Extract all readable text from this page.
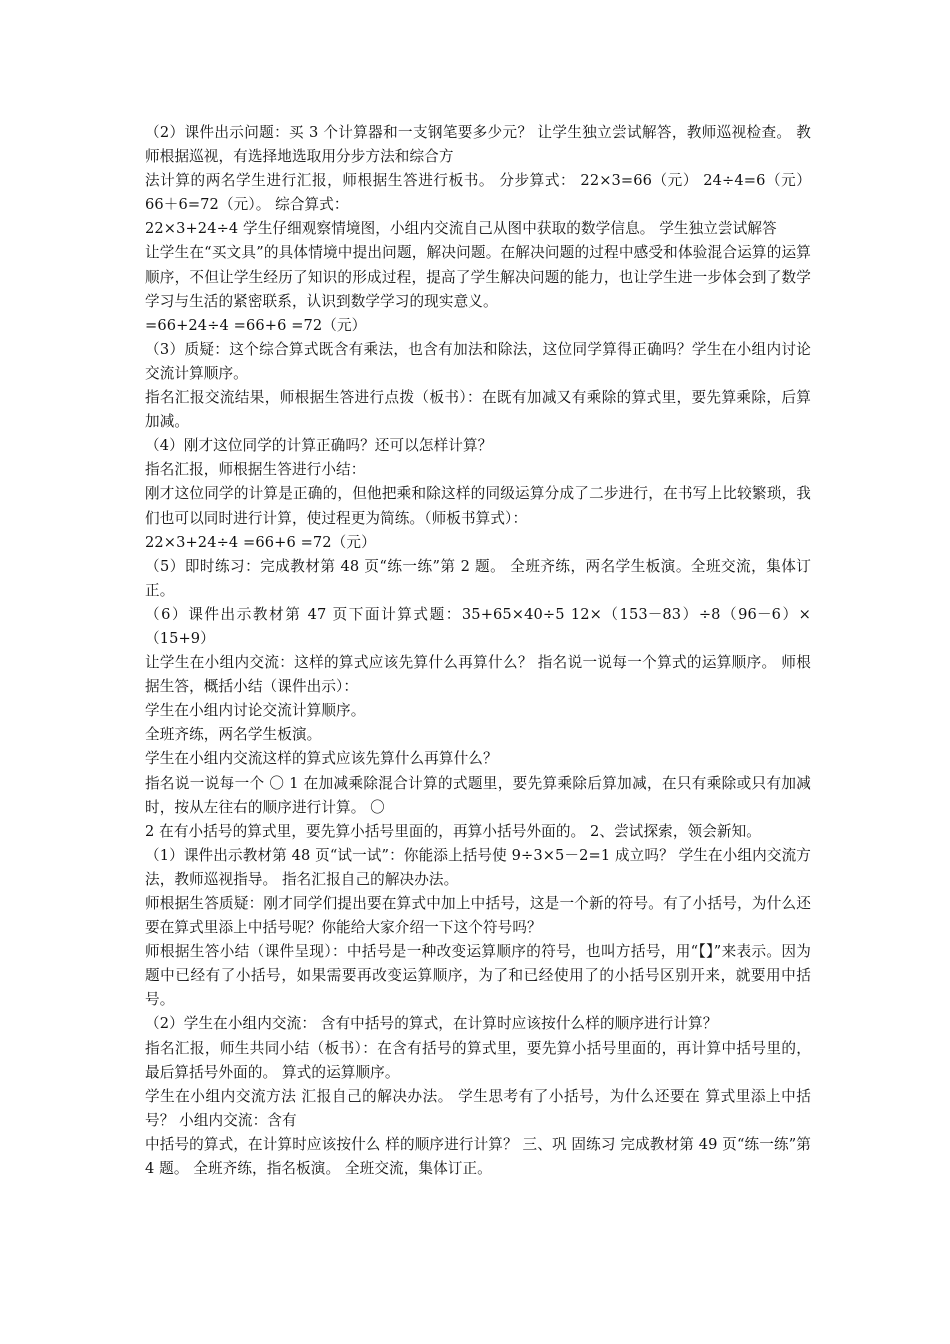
（2）课件出示问题：买 3 个计算器和一支钢笔要多少元？ 让学生独立尝试解答，教师巡视检查。 教师根据巡视，有选择地选取用分步方法和综合方

法计算的两名学生进行汇报，师根据生答进行板书。 分步算式： 22×3=66（元） 24÷4=6（元） 66＋6=72（元）。 综合算式：

22×3+24÷4 学生仔细观察情境图，小组内交流自己从图中获取的数学信息。 学生独立尝试解答

让学生在“买文具”的具体情境中提出问题，解决问题。在解决问题的过程中感受和体验混合运算的运算顺序，不但让学生经历了知识的形成过程，提高了学生解决问题的能力，也让学生进一步体会到了数学学习与生活的紧密联系，认识到数学学习的现实意义。

=66+24÷4 =66+6 =72（元）

（3）质疑：这个综合算式既含有乘法，也含有加法和除法，这位同学算得正确吗？学生在小组内讨论交流计算顺序。

指名汇报交流结果，师根据生答进行点拨（板书）：在既有加减又有乘除的算式里，要先算乘除，后算加减。

（4）刚才这位同学的计算正确吗？还可以怎样计算？

指名汇报，师根据生答进行小结：

刚才这位同学的计算是正确的，但他把乘和除这样的同级运算分成了二步进行，在书写上比较繁琐，我们也可以同时进行计算，使过程更为简练。（师板书算式）：

22×3+24÷4 =66+6 =72（元）

（5）即时练习：完成教材第 48 页“练一练”第 2 题。 全班齐练，两名学生板演。全班交流，集体订正。

（6）课件出示教材第 47 页下面计算式题：35+65×40÷5 12×（153－83）÷8（96－6）×（15+9）

让学生在小组内交流：这样的算式应该先算什么再算什么？ 指名说一说每一个算式的运算顺序。 师根据生答，概括小结（课件出示）：

学生在小组内讨论交流计算顺序。

全班齐练，两名学生板演。

学生在小组内交流这样的算式应该先算什么再算什么？

指名说一说每一个 〇 1 在加减乘除混合计算的式题里，要先算乘除后算加减，在只有乘除或只有加减时，按从左往右的顺序进行计算。 〇

2 在有小括号的算式里，要先算小括号里面的，再算小括号外面的。 2、尝试探索，领会新知。

（1）课件出示教材第 48 页“试一试”：你能添上括号使 9÷3×5－2=1 成立吗？ 学生在小组内交流方法，教师巡视指导。 指名汇报自己的解决办法。

师根据生答质疑：刚才同学们提出要在算式中加上中括号，这是一个新的符号。有了小括号，为什么还要在算式里添上中括号呢？你能给大家介绍一下这个符号吗？

师根据生答小结（课件呈现）：中括号是一种改变运算顺序的符号，也叫方括号，用“【】”来表示。因为题中已经有了小括号，如果需要再改变运算顺序，为了和已经使用了的小括号区别开来，就要用中括号。

（2）学生在小组内交流： 含有中括号的算式，在计算时应该按什么样的顺序进行计算？

指名汇报，师生共同小结（板书）：在含有括号的算式里，要先算小括号里面的，再计算中括号里的，最后算括号外面的。 算式的运算顺序。

学生在小组内交流方法 汇报自己的解决办法。 学生思考有了小括号，为什么还要在 算式里添上中括 号？ 小组内交流：含有

中括号的算式，在计算时应该按什么 样的顺序进行计算？ 三、巩 固练习 完成教材第 49 页“练一练”第 4 题。 全班齐练，指名板演。 全班交流，集体订正。
